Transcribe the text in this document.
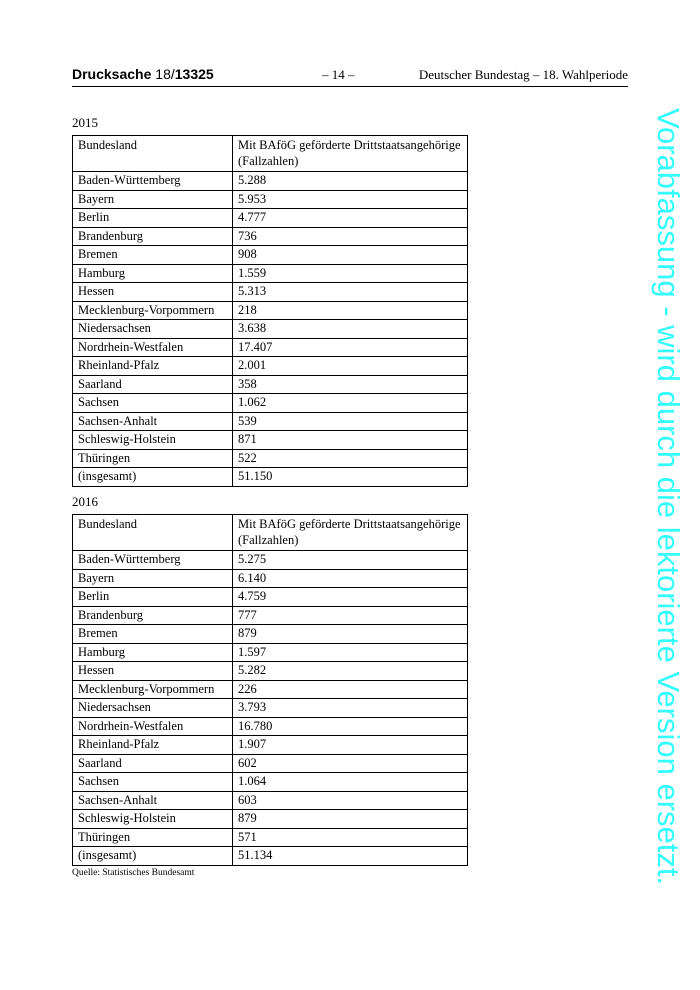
Drucksache 18/13325	– 14 –	Deutscher Bundestag – 18. Wahlperiode
2015
Bundesland	Mit BAföG geförderte Drittstaatsangehörige (Fallzahlen)
Baden-Württemberg	5.288
Bayern	5.953
Berlin	4.777
Brandenburg	736
Bremen	908
Hamburg	1.559
Hessen	5.313
Mecklenburg-Vorpommern	218
Niedersachsen	3.638
Nordrhein-Westfalen	17.407
Rheinland-Pfalz	2.001
Saarland	358
Sachsen	1.062
Sachsen-Anhalt	539
Schleswig-Holstein	871
Thüringen	522
(insgesamt)	51.150
2016
Bundesland	Mit BAföG geförderte Drittstaatsangehörige (Fallzahlen)
Baden-Württemberg	5.275
Bayern	6.140
Berlin	4.759
Brandenburg	777
Bremen	879
Hamburg	1.597
Hessen	5.282
Mecklenburg-Vorpommern	226
Niedersachsen	3.793
Nordrhein-Westfalen	16.780
Rheinland-Pfalz	1.907
Saarland	602
Sachsen	1.064
Sachsen-Anhalt	603
Schleswig-Holstein	879
Thüringen	571
(insgesamt)	51.134
Quelle: Statistisches Bundesamt	Vorabfassung - wird durch die lektorierte Version ersetzt.
